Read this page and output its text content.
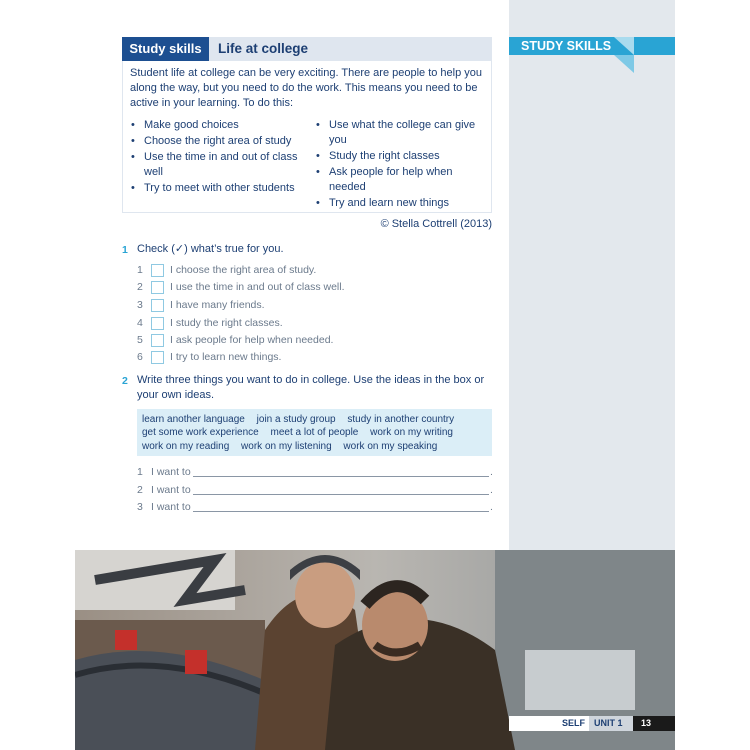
STUDY SKILLS
Study skills	Life at college
Student life at college can be very exciting. There are people to help you along the way, but you need to do the work. This means you need to be active in your learning. To do this:
• Make good choices
• Choose the right area of study
• Use the time in and out of class well
• Try to meet with other students
• Use what the college can give you
• Study the right classes
• Ask people for help when needed
• Try and learn new things
© Stella Cottrell (2013)
1 Check (✓) what’s true for you.
1	I choose the right area of study.
2	I use the time in and out of class well.
3	I have many friends.
4	I study the right classes.
5	I ask people for help when needed.
6	I try to learn new things.
2 Write three things you want to do in college. Use the ideas in the box or your own ideas.
learn another language join a study group study in another country
get some work experience meet a lot of people work on my writing
work on my reading work on my listening work on my speaking
1 I want to	.
2 I want to	.
3 I want to	.
SELF	UNIT 1	13
